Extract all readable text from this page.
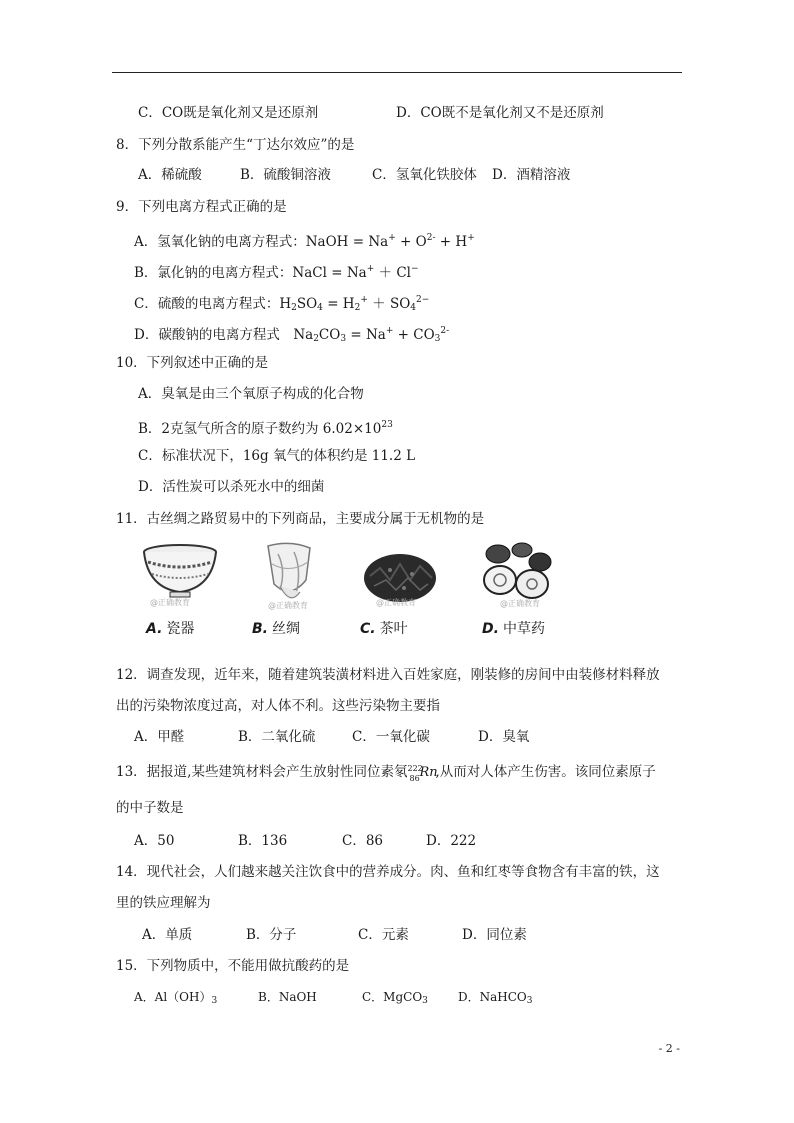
C．CO既是氧化剂又是还原剂	D．CO既不是氧化剂又不是还原剂
8．下列分散系能产生“丁达尔效应”的是
A．稀硫酸	B．硫酸铜溶液	C．氢氧化铁胶体 D．酒精溶液
9．下列电离方程式正确的是
A．氢氧化钠的电离方程式：NaOH = $Na^+ + O^{2-} + H^+$
B．氯化钠的电离方程式：NaCl = Na+ ＋ Cl−
C．硫酸的电离方程式：$H_2SO_4 = H_2^+ + SO_4^{2-}$
D．碳酸钠的电离方程式　$Na_2CO_3 = Na^+ + CO_3^{2-}$
10．下列叙述中正确的是
A．臭氧是由三个氧原子构成的化合物
B．2克氢气所含的原子数约为 $6.02\times 10^{23}$
C．标准状况下，16g 氧气的体积约是 11.2 L
D．活性炭可以杀死水中的细菌
11．古丝绸之路贸易中的下列商品，主要成分属于无机物的是
@正确教育	@正确教育	@正确教育	@正确教育
A. 瓷器	B. 丝绸	C. 茶叶	D. 中草药
12．调查发现，近年来，随着建筑装潢材料进入百姓家庭，刚装修的房间中由装修材料释放
出的污染物浓度过高，对人体不利。这些污染物主要指
A．甲醛	B．二氧化硫	C．一氧化碳	D．臭氧
13．据报道,某些建筑材料会产生放射性同位素氡 222
86 Rn
,从而对人体产生伤害。该同位素原子
的中子数是
A．50	B．136	C．86	D．222
14．现代社会，人们越来越关注饮食中的营养成分。肉、鱼和红枣等食物含有丰富的铁，这
里的铁应理解为
A．单质	B．分子	C．元素	D．同位素
15．下列物质中，不能用做抗酸药的是
A．$Al(OH)_3$	B．NaOH	C．MgCO$_3$	D．NaHCO$_3$
- 2 -
